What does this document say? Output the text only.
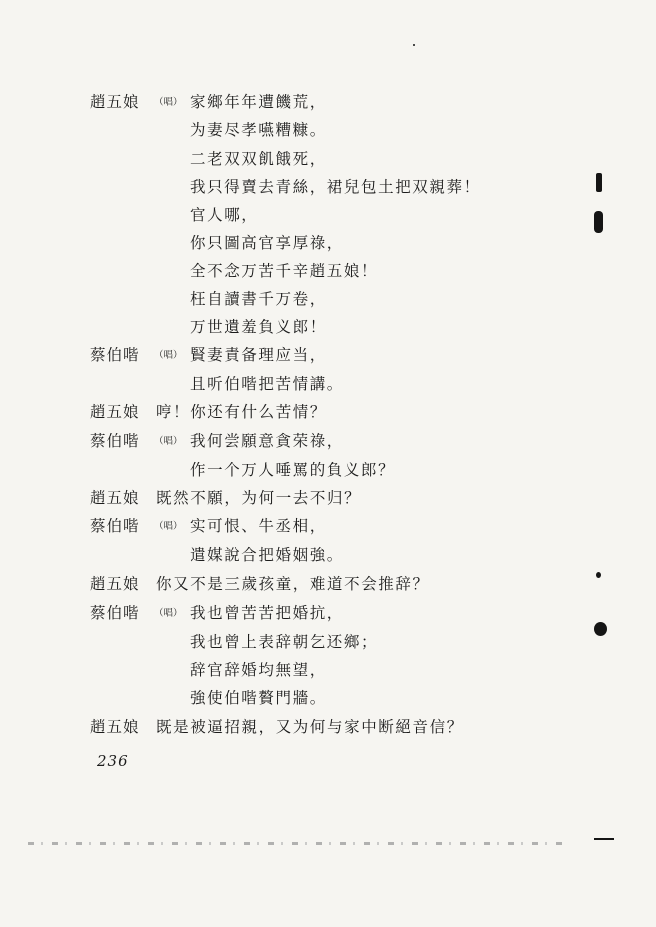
趙五娘 （唱） 家鄉年年遭饑荒，
为妻尽孝嚥糟糠。
二老双双飢餓死，
我只得賣去青絲，裙兒包土把双親葬！
官人哪，
你只圖高官享厚祿，
全不念万苦千辛趙五娘！
枉自讀書千万卷，
万世遺羞負义郎！
蔡伯喈 （唱） 賢妻責备理应当，
且听伯喈把苦情講。
趙五娘 哼！你还有什么苦情？
蔡伯喈 （唱） 我何尝願意貪荣祿，
作一个万人唾罵的負义郎？
趙五娘 既然不願，为何一去不归？
蔡伯喈 （唱） 实可恨、牛丞相，
遣媒說合把婚姻強。
趙五娘 你又不是三歲孩童，难道不会推辞？
蔡伯喈 （唱） 我也曾苦苦把婚抗，
我也曾上表辞朝乞还鄉；
辞官辞婚均無望，
強使伯喈贅門牆。
趙五娘 既是被逼招親，又为何与家中断絕音信？
236
